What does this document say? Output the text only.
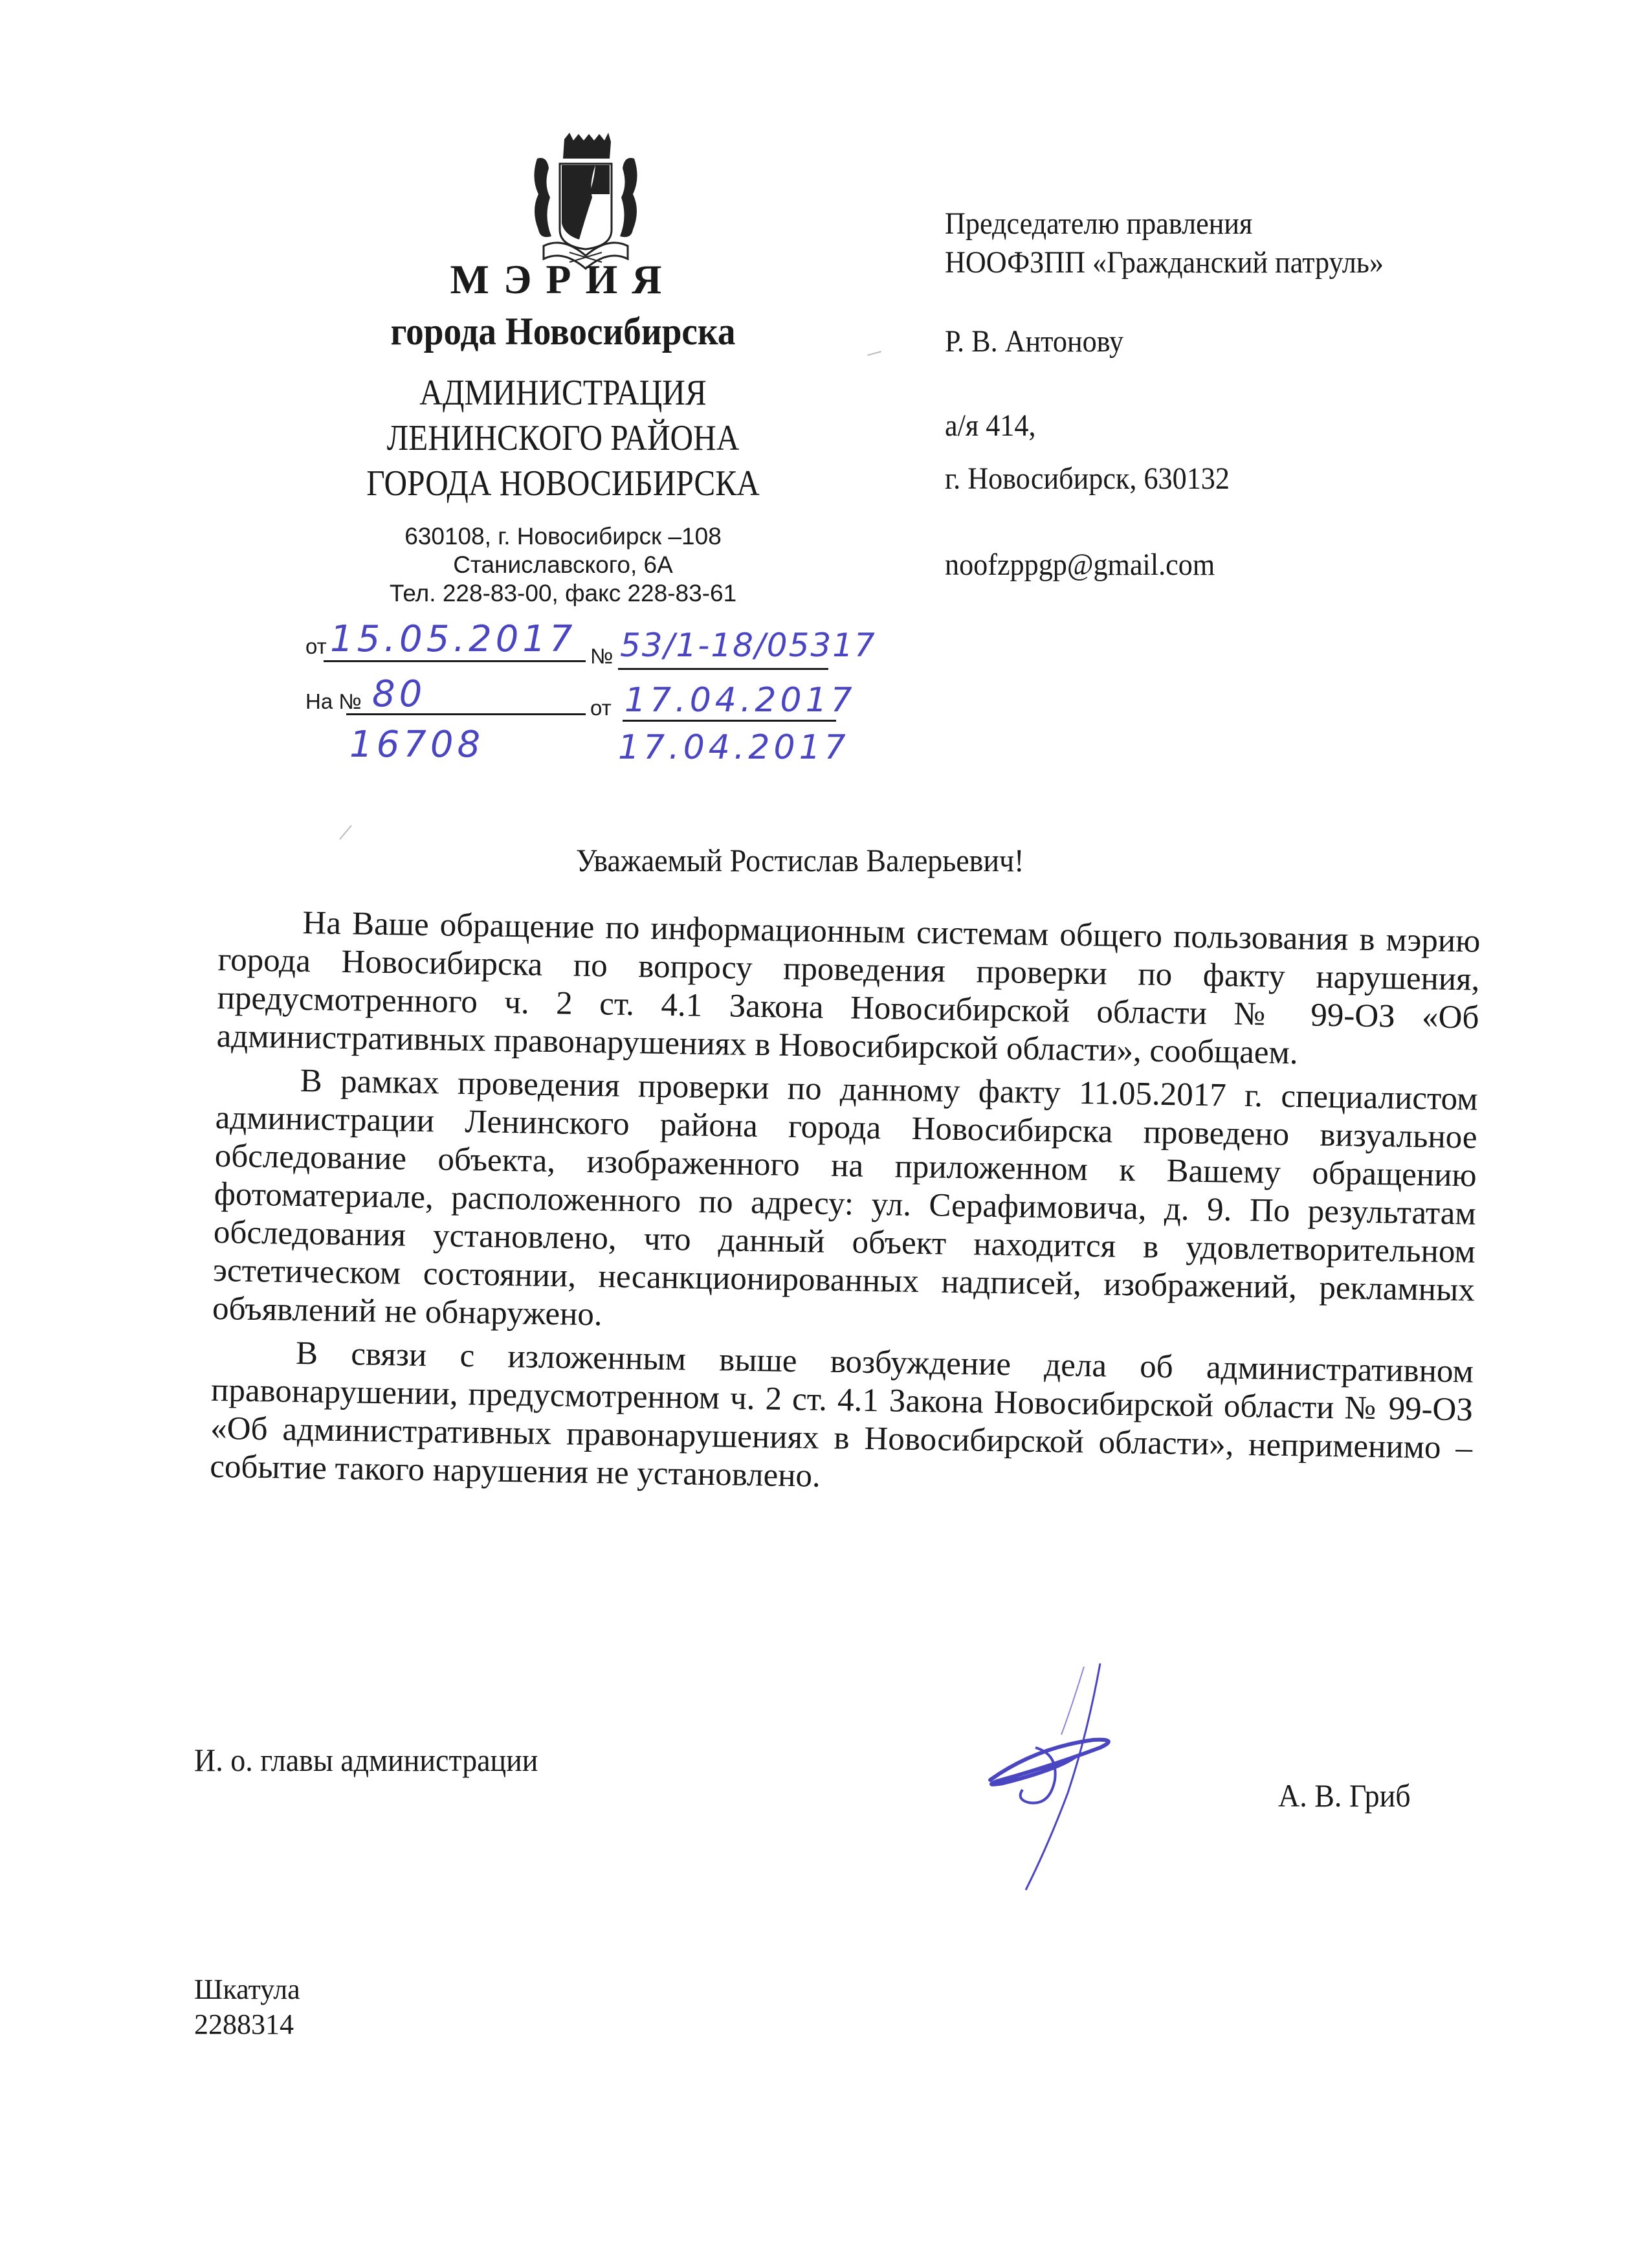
МЭРИЯ
города Новосибирска
АДМИНИСТРАЦИЯ
ЛЕНИНСКОГО РАЙОНА
ГОРОДА НОВОСИБИРСКА
630108, г. Новосибирск –108
Станиславского, 6А
Тел. 228-83-00, факс 228-83-61
от 15.05.2017 № 53/1-18/05317
На № 80
16708
от 17.04.2017
17.04.2017
Председателю правления
НООФЗПП «Гражданский патруль»
Р. В. Антонову
а/я 414,
г. Новосибирск, 630132
noofzppgp@gmail.com
Уважаемый Ростислав Валерьевич!

На Ваше обращение по информационным системам общего пользования в мэрию города Новосибирска по вопросу проведения проверки по факту нарушения, предусмотренного ч. 2 ст. 4.1 Закона Новосибирской области № 99-ОЗ «Об административных правонарушениях в Новосибирской области», сообщаем.

В рамках проведения проверки по данному факту 11.05.2017 г. специалистом администрации Ленинского района города Новосибирска проведено визуальное обследование объекта, изображенного на приложенном к Вашему обращению фотоматериале, расположенного по адресу: ул. Серафимовича, д. 9. По результатам обследования установлено, что данный объект находится в удовлетворительном эстетическом состоянии, несанкционированных надписей, изображений, рекламных объявлений не обнаружено.

В связи с изложенным выше возбуждение дела об административном правонарушении, предусмотренном ч. 2 ст. 4.1 Закона Новосибирской области № 99-ОЗ «Об административных правонарушениях в Новосибирской области», неприменимо – событие такого нарушения не установлено.

И. о. главы администрации
А. В. Гриб
Шкатула
2288314
